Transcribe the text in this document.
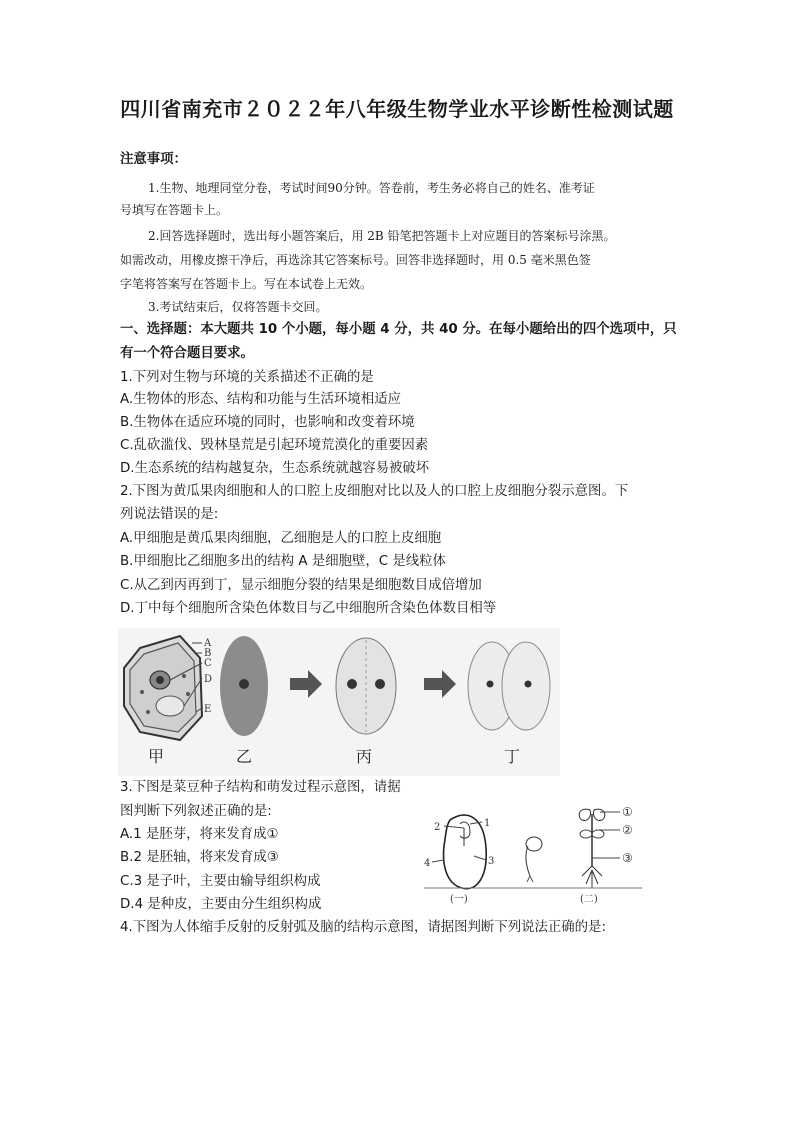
四川省南充市２０２２年八年级生物学业水平诊断性检测试题
注意事项：
1.生物、地理同堂分卷，考试时间90分钟。答卷前，考生务必将自己的姓名、准考证
号填写在答题卡上。
2.回答选择题时，选出每小题答案后，用 2B 铅笔把答题卡上对应题目的答案标号涂黑。
如需改动，用橡皮擦干净后，再选涂其它答案标号。回答非选择题时，用 0.5 毫米黑色签
字笔将答案写在答题卡上。写在本试卷上无效。
3.考试结束后，仅将答题卡交回。
一、选择题：本大题共 10 个小题，每小题 4 分，共 40 分。在每小题给出的四个选项中，只
有一个符合题目要求。
1.下列对生物与环境的关系描述不正确的是
A.生物体的形态、结构和功能与生活环境相适应
B.生物体在适应环境的同时，也影响和改变着环境
C.乱砍滥伐、毁林垦荒是引起环境荒漠化的重要因素
D.生态系统的结构越复杂，生态系统就越容易被破坏
2.下图为黄瓜果肉细胞和人的口腔上皮细胞对比以及人的口腔上皮细胞分裂示意图。下
列说法错误的是:
A.甲细胞是黄瓜果肉细胞，乙细胞是人的口腔上皮细胞
B.甲细胞比乙细胞多出的结构 A 是细胞壁，C 是线粒体
C.从乙到丙再到丁，显示细胞分裂的结果是细胞数目成倍增加
D.丁中每个细胞所含染色体数目与乙中细胞所含染色体数目相等
A
B
C
D
E
甲	乙	丙	丁
3.下图是菜豆种子结构和萌发过程示意图，请据
图判断下列叙述正确的是:
A.1 是胚芽，将来发育成①
B.2 是胚轴，将来发育成③
C.3 是子叶，主要由输导组织构成
D.4 是种皮，主要由分生组织构成
1
2
3
4
①
②
③
(一)	(二)
4.下图为人体缩手反射的反射弧及脑的结构示意图，请据图判断下列说法正确的是:
